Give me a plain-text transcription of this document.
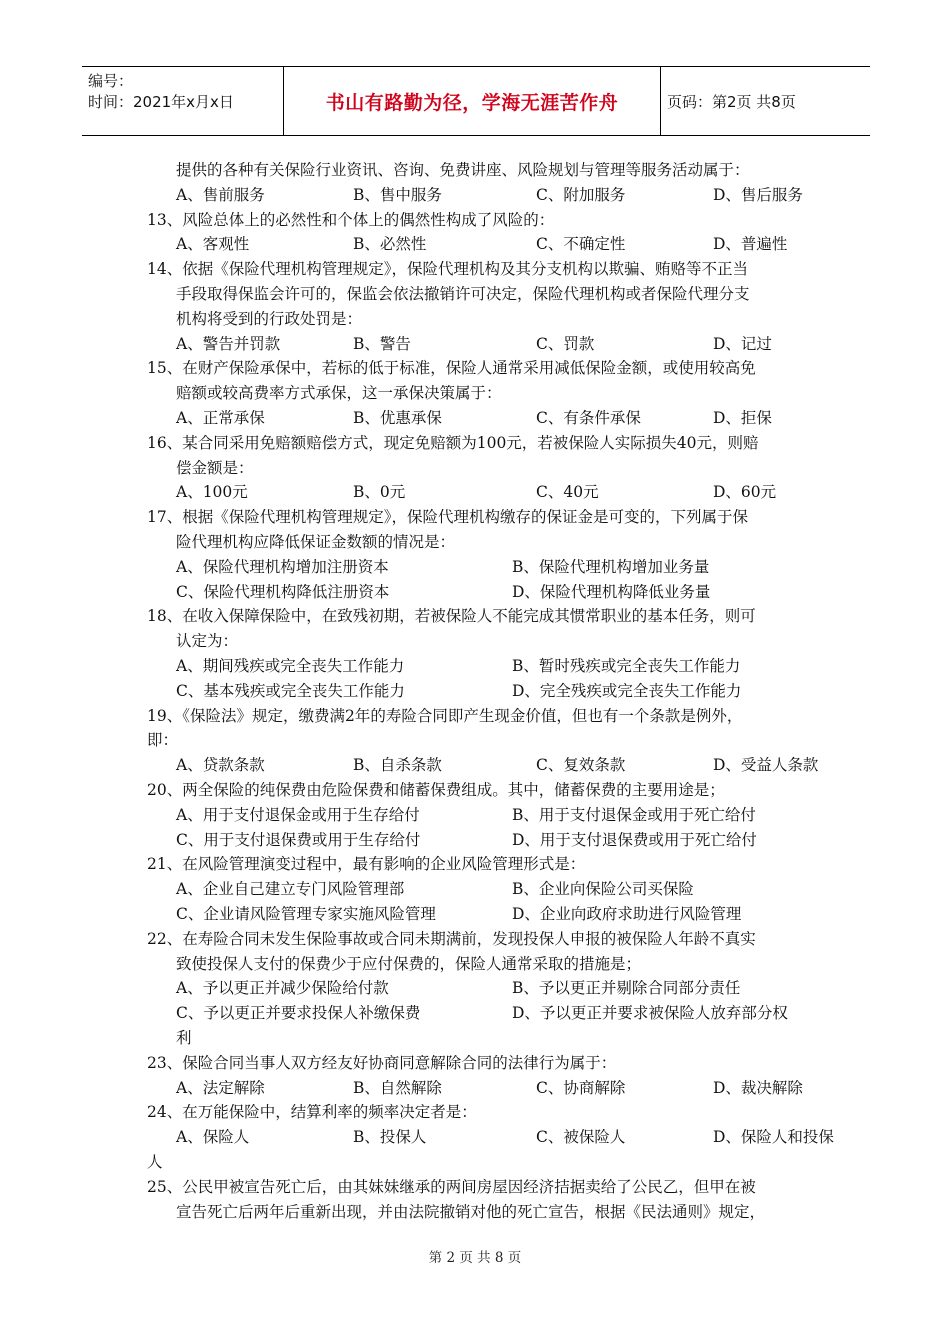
编号：
时间：2021年x月x日	书山有路勤为径，学海无涯苦作舟	页码：第2页 共8页
提供的各种有关保险行业资讯、咨询、免费讲座、风险规划与管理等服务活动属于：
A、售前服务	B、售中服务	C、附加服务	D、售后服务
13、风险总体上的必然性和个体上的偶然性构成了风险的：
A、客观性	B、必然性	C、不确定性	D、普遍性
14、依据《保险代理机构管理规定》，保险代理机构及其分支机构以欺骗、贿赂等不正当
手段取得保监会许可的，保监会依法撤销许可决定，保险代理机构或者保险代理分支
机构将受到的行政处罚是：
A、警告并罚款	B、警告	C、罚款	D、记过
15、在财产保险承保中，若标的低于标准，保险人通常采用减低保险金额，或使用较高免
赔额或较高费率方式承保，这一承保决策属于：
A、正常承保	B、优惠承保	C、有条件承保	D、拒保
16、某合同采用免赔额赔偿方式，现定免赔额为100元，若被保险人实际损失40元，则赔
偿金额是：
A、100元	B、0元	C、40元	D、60元
17、根据《保险代理机构管理规定》，保险代理机构缴存的保证金是可变的，下列属于保
险代理机构应降低保证金数额的情况是：
A、保险代理机构增加注册资本	B、保险代理机构增加业务量
C、保险代理机构降低注册资本	D、保险代理机构降低业务量
18、在收入保障保险中，在致残初期，若被保险人不能完成其惯常职业的基本任务，则可
认定为：
A、期间残疾或完全丧失工作能力	B、暂时残疾或完全丧失工作能力
C、基本残疾或完全丧失工作能力	D、完全残疾或完全丧失工作能力
19、《保险法》规定，缴费满2年的寿险合同即产生现金价值，但也有一个条款是例外，
即：
A、贷款条款	B、自杀条款	C、复效条款	D、受益人条款
20、两全保险的纯保费由危险保费和储蓄保费组成。其中，储蓄保费的主要用途是；
A、用于支付退保金或用于生存给付	B、用于支付退保金或用于死亡给付
C、用于支付退保费或用于生存给付	D、用于支付退保费或用于死亡给付
21、在风险管理演变过程中，最有影响的企业风险管理形式是：
A、企业自己建立专门风险管理部	B、企业向保险公司买保险
C、企业请风险管理专家实施风险管理	D、企业向政府求助进行风险管理
22、在寿险合同未发生保险事故或合同未期满前，发现投保人申报的被保险人年龄不真实
致使投保人支付的保费少于应付保费的，保险人通常采取的措施是；
A、予以更正并减少保险给付款	B、予以更正并剔除合同部分责任
C、予以更正并要求投保人补缴保费	D、予以更正并要求被保险人放弃部分权
利
23、保险合同当事人双方经友好协商同意解除合同的法律行为属于：
A、法定解除	B、自然解除	C、协商解除	D、裁决解除
24、在万能保险中，结算利率的频率决定者是：
A、保险人	B、投保人	C、被保险人	D、保险人和投保
人
25、公民甲被宣告死亡后，由其妹妹继承的两间房屋因经济拮据卖给了公民乙，但甲在被
宣告死亡后两年后重新出现，并由法院撤销对他的死亡宣告，根据《民法通则》规定，
第 2 页 共 8 页
